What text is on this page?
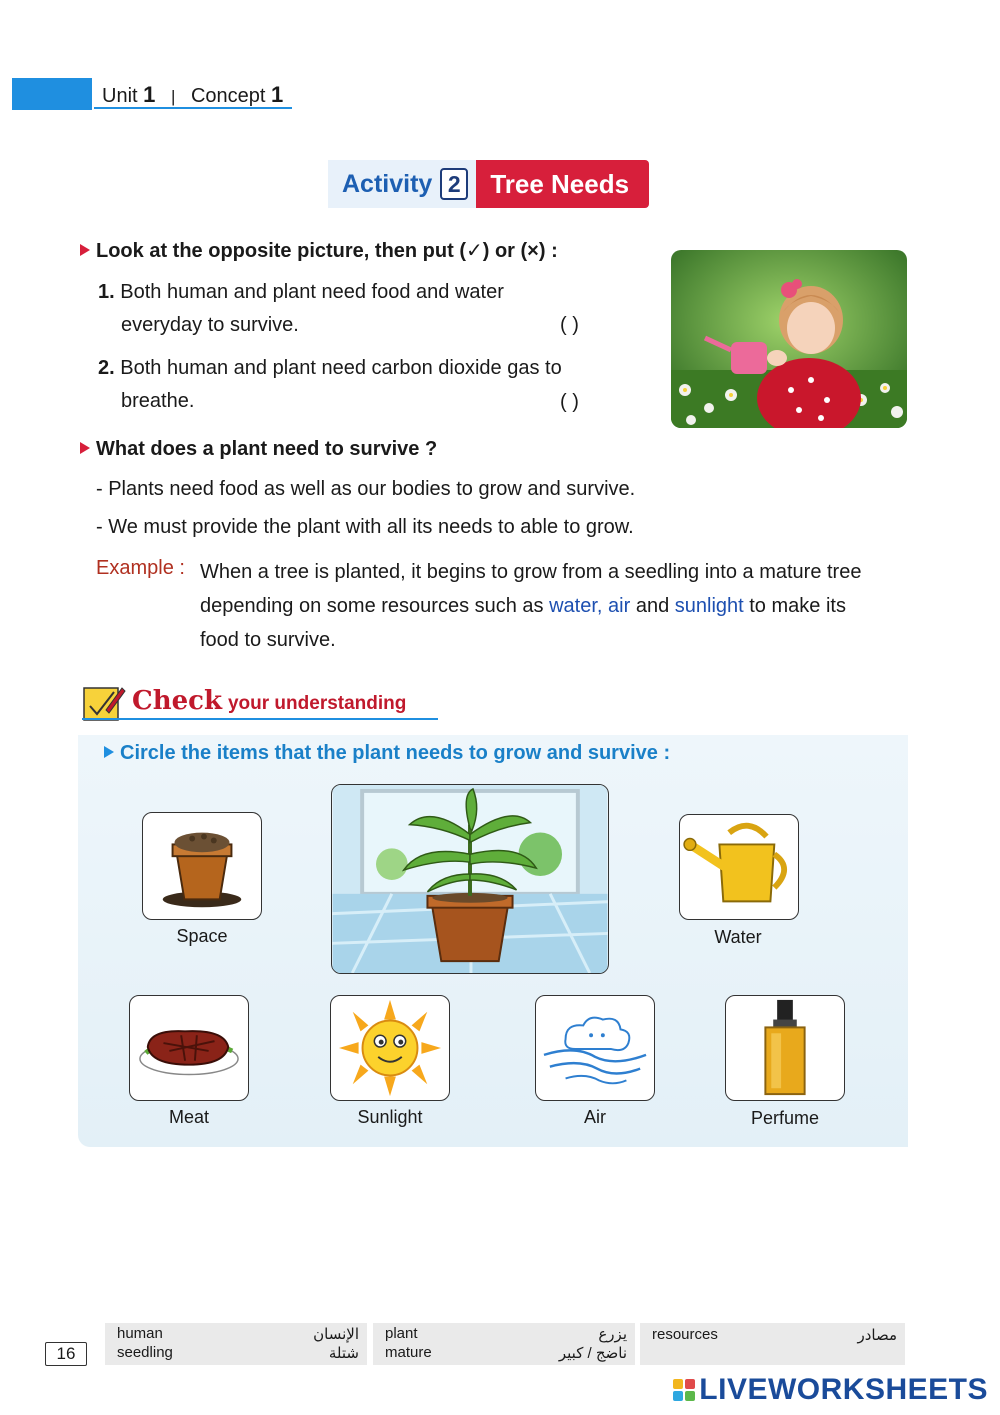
Unit 1 | Concept 1
Activity 2	Tree Needs
Look at the opposite picture, then put (✓) or (×) :
1. Both human and plant need food and water
everyday to survive.	( )
2. Both human and plant need carbon dioxide gas to
breathe.	( )
What does a plant need to survive ?
- Plants need food as well as our bodies to grow and survive.
- We must provide the plant with all its needs to able to grow.
Example : When a tree is planted, it begins to grow from a seedling into a mature tree depending on some resources such as water, air and sunlight to make its food to survive.
Check your understanding
Circle the items that the plant needs to grow and survive :
Space	Water
Meat	Sunlight	Air	Perfume
16
human	الإنسان
seedling	شتلة
plant	يزرع
mature	ناضج / كبير
resources	مصادر
LIVEWORKSHEETS
